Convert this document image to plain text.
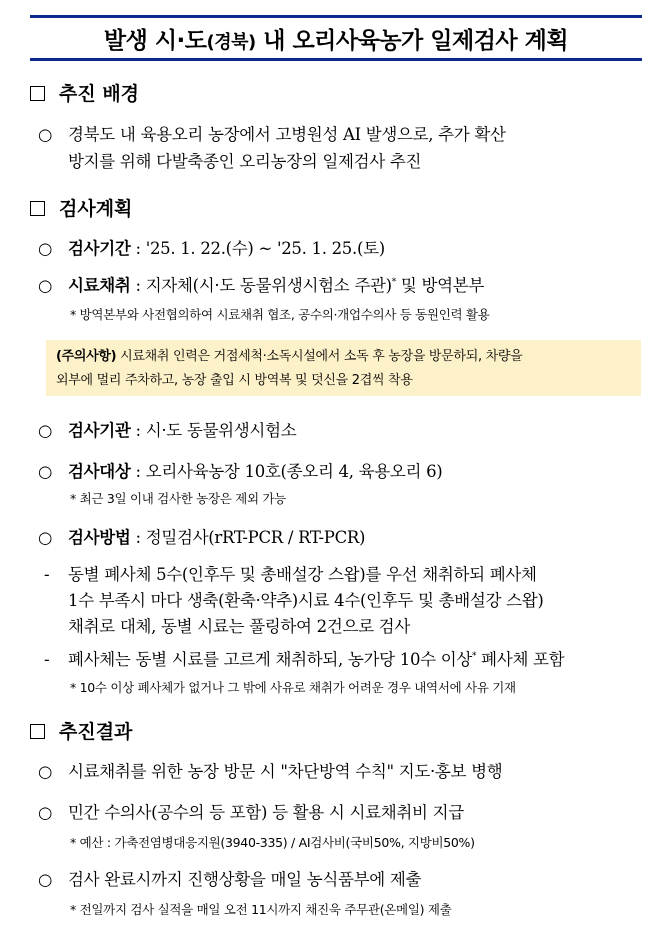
발생 시·도(경북) 내 오리사육농가 일제검사 계획
추진 배경
○ 경북도 내 육용오리 농장에서 고병원성 AI 발생으로, 추가 확산
방지를 위해 다발축종인 오리농장의 일제검사 추진
검사계획
○ 검사기간 : '25. 1. 22.(수) ~ '25. 1. 25.(토)
○ 시료채취 : 지자체(시·도 동물위생시험소 주관)* 및 방역본부
* 방역본부와 사전협의하여 시료채취 협조, 공수의·개업수의사 등 동원인력 활용
(주의사항) 시료채취 인력은 거점세척·소독시설에서 소독 후 농장을 방문하되, 차량을
외부에 멀리 주차하고, 농장 출입 시 방역복 및 덧신을 2겹씩 착용
○ 검사기관 : 시·도 동물위생시험소
○ 검사대상 : 오리사육농장 10호(종오리 4, 육용오리 6)
* 최근 3일 이내 검사한 농장은 제외 가능
○ 검사방법 : 정밀검사(rRT-PCR / RT-PCR)
- 동별 폐사체 5수(인후두 및 총배설강 스왑)를 우선 채취하되 폐사체
1수 부족시 마다 생축(환축·약추)시료 4수(인후두 및 총배설강 스왑)
채취로 대체, 동별 시료는 풀링하여 2건으로 검사
- 폐사체는 동별 시료를 고르게 채취하되, 농가당 10수 이상* 폐사체 포함
* 10수 이상 폐사체가 없거나 그 밖에 사유로 채취가 어려운 경우 내역서에 사유 기재
추진결과
○ 시료채취를 위한 농장 방문 시 "차단방역 수칙" 지도·홍보 병행
○ 민간 수의사(공수의 등 포함) 등 활용 시 시료채취비 지급
* 예산 : 가축전염병대응지원(3940-335) / AI검사비(국비50%, 지방비50%)
○ 검사 완료시까지 진행상황을 매일 농식품부에 제출
* 전일까지 검사 실적을 매일 오전 11시까지 채진욱 주무관(온메일) 제출
